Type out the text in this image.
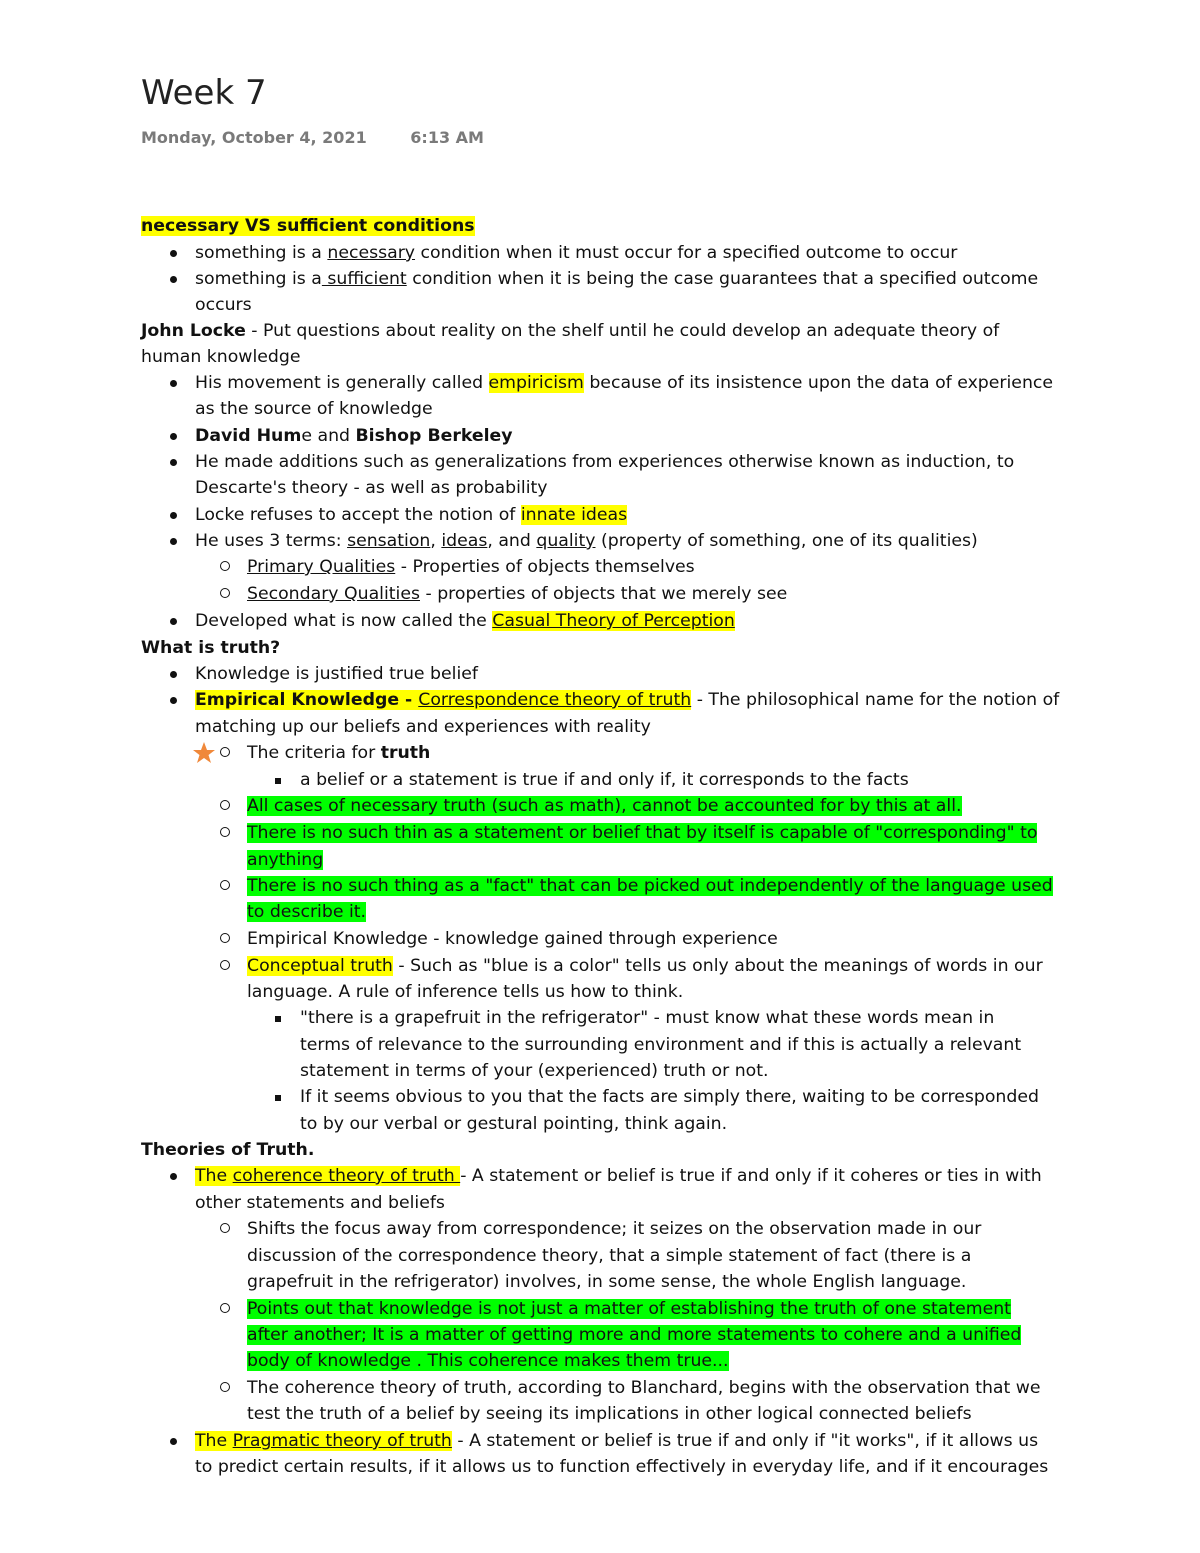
Week 7
Monday, October 4, 2021	6:13 AM
necessary VS sufficient conditions
something is a necessary condition when it must occur for a specified outcome to occur
something is a sufficient condition when it is being the case guarantees that a specified outcome
occurs
John Locke - Put questions about reality on the shelf until he could develop an adequate theory of
human knowledge
His movement is generally called empiricism because of its insistence upon the data of experience
as the source of knowledge
David Hume and Bishop Berkeley
He made additions such as generalizations from experiences otherwise known as induction, to
Descarte's theory - as well as probability
Locke refuses to accept the notion of innate ideas
He uses 3 terms: sensation, ideas, and quality (property of something, one of its qualities)
Primary Qualities - Properties of objects themselves
Secondary Qualities - properties of objects that we merely see
Developed what is now called the Casual Theory of Perception
What is truth?
Knowledge is justified true belief
Empirical Knowledge - Correspondence theory of truth - The philosophical name for the notion of
matching up our beliefs and experiences with reality
The criteria for truth
a belief or a statement is true if and only if, it corresponds to the facts
All cases of necessary truth (such as math), cannot be accounted for by this at all.
There is no such thin as a statement or belief that by itself is capable of "corresponding" to
anything
There is no such thing as a "fact" that can be picked out independently of the language used
to describe it.
Empirical Knowledge - knowledge gained through experience
Conceptual truth - Such as "blue is a color" tells us only about the meanings of words in our
language. A rule of inference tells us how to think.
"there is a grapefruit in the refrigerator" - must know what these words mean in
terms of relevance to the surrounding environment and if this is actually a relevant
statement in terms of your (experienced) truth or not.
If it seems obvious to you that the facts are simply there, waiting to be corresponded
to by our verbal or gestural pointing, think again.
Theories of Truth.
The coherence theory of truth - A statement or belief is true if and only if it coheres or ties in with
other statements and beliefs
Shifts the focus away from correspondence; it seizes on the observation made in our
discussion of the correspondence theory, that a simple statement of fact (there is a
grapefruit in the refrigerator) involves, in some sense, the whole English language.
Points out that knowledge is not just a matter of establishing the truth of one statement
after another; It is a matter of getting more and more statements to cohere and a unified
body of knowledge . This coherence makes them true...
The coherence theory of truth, according to Blanchard, begins with the observation that we
test the truth of a belief by seeing its implications in other logical connected beliefs
The Pragmatic theory of truth - A statement or belief is true if and only if "it works", if it allows us
to predict certain results, if it allows us to function effectively in everyday life, and if it encourages
